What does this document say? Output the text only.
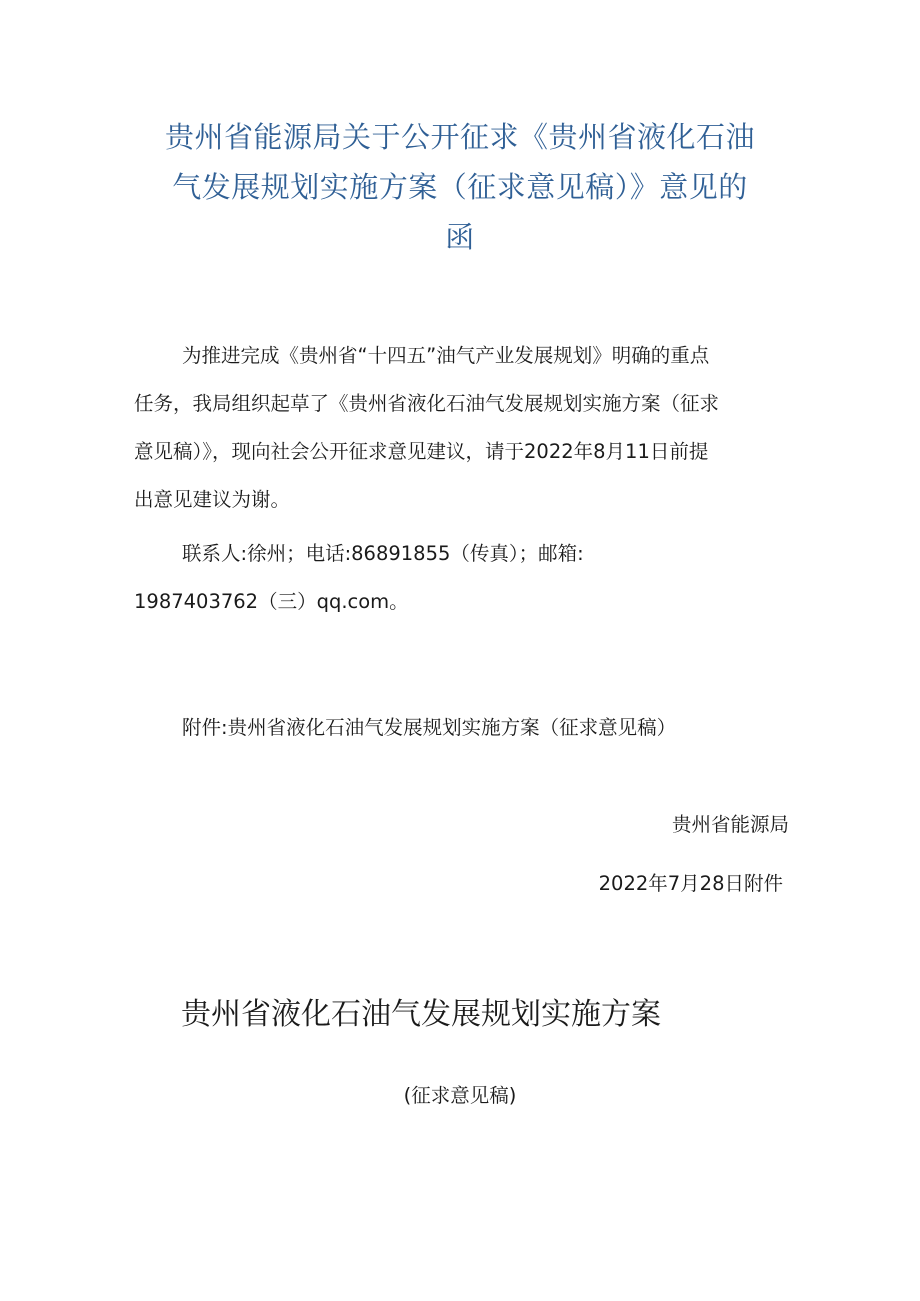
贵州省能源局关于公开征求《贵州省液化石油
气发展规划实施方案（征求意见稿）》意见的
函
为推进完成《贵州省“十四五”油气产业发展规划》明确的重点
任务，我局组织起草了《贵州省液化石油气发展规划实施方案（征求
意见稿）》，现向社会公开征求意见建议，请于2022年8月11日前提
出意见建议为谢。
联系人:徐州；电话:86891855（传真）；邮箱:
1987403762（三）qq.com。
附件:贵州省液化石油气发展规划实施方案（征求意见稿）
贵州省能源局
2022年7月28日附件
贵州省液化石油气发展规划实施方案
(征求意见稿)
